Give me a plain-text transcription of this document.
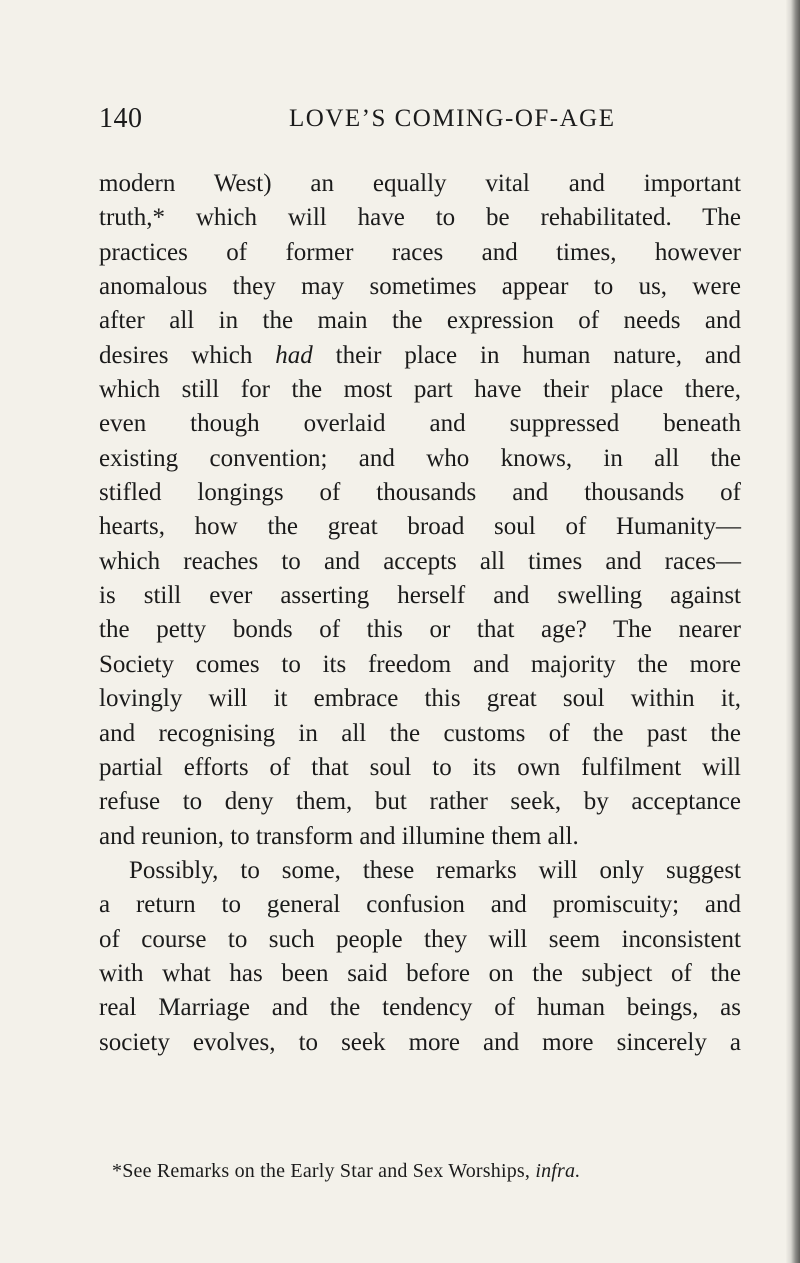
140	LOVE’S COMING-OF-AGE
modern West) an equally vital and important
truth,* which will have to be rehabilitated. The
practices of former races and times, however
anomalous they may sometimes appear to us, were
after all in the main the expression of needs and
desires which had their place in human nature, and
which still for the most part have their place there,
even though overlaid and suppressed beneath
existing convention; and who knows, in all the
stifled longings of thousands and thousands of
hearts, how the great broad soul of Humanity—
which reaches to and accepts all times and races—
is still ever asserting herself and swelling against
the petty bonds of this or that age? The nearer
Society comes to its freedom and majority the more
lovingly will it embrace this great soul within it,
and recognising in all the customs of the past the
partial efforts of that soul to its own fulfilment will
refuse to deny them, but rather seek, by acceptance
and reunion, to transform and illumine them all.
Possibly, to some, these remarks will only suggest
a return to general confusion and promiscuity; and
of course to such people they will seem inconsistent
with what has been said before on the subject of the
real Marriage and the tendency of human beings, as
society evolves, to seek more and more sincerely a
*See Remarks on the Early Star and Sex Worships, infra.
